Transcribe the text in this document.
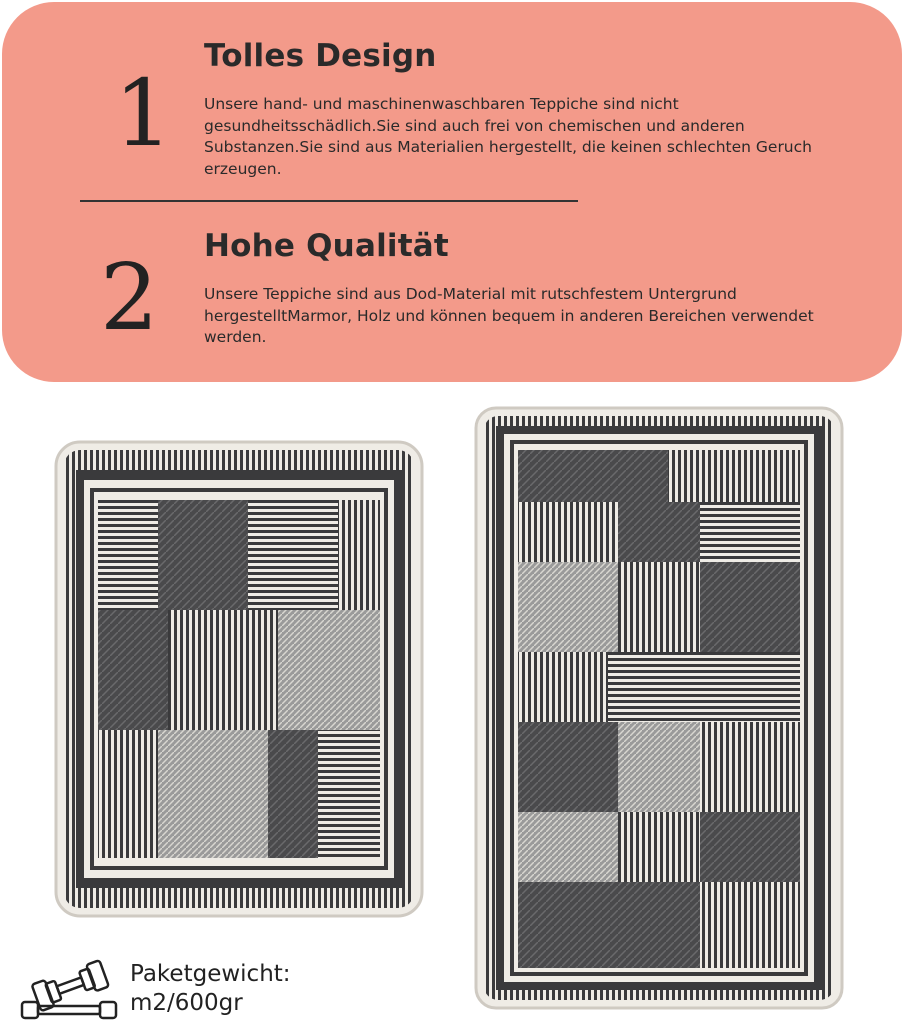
1
Tolles Design
Unsere hand- und maschinenwaschbaren Teppiche sind nicht gesundheitsschädlich.Sie sind auch frei von chemischen und anderen Substanzen.Sie sind aus Materialien hergestellt, die keinen schlechten Geruch erzeugen.
2 Hohe Qualität
Unsere Teppiche sind aus Dod-Material mit rutschfestem Untergrund hergestelltMarmor, Holz und können bequem in anderen Bereichen verwendet werden.
Paketgewicht:
m2/600gr
